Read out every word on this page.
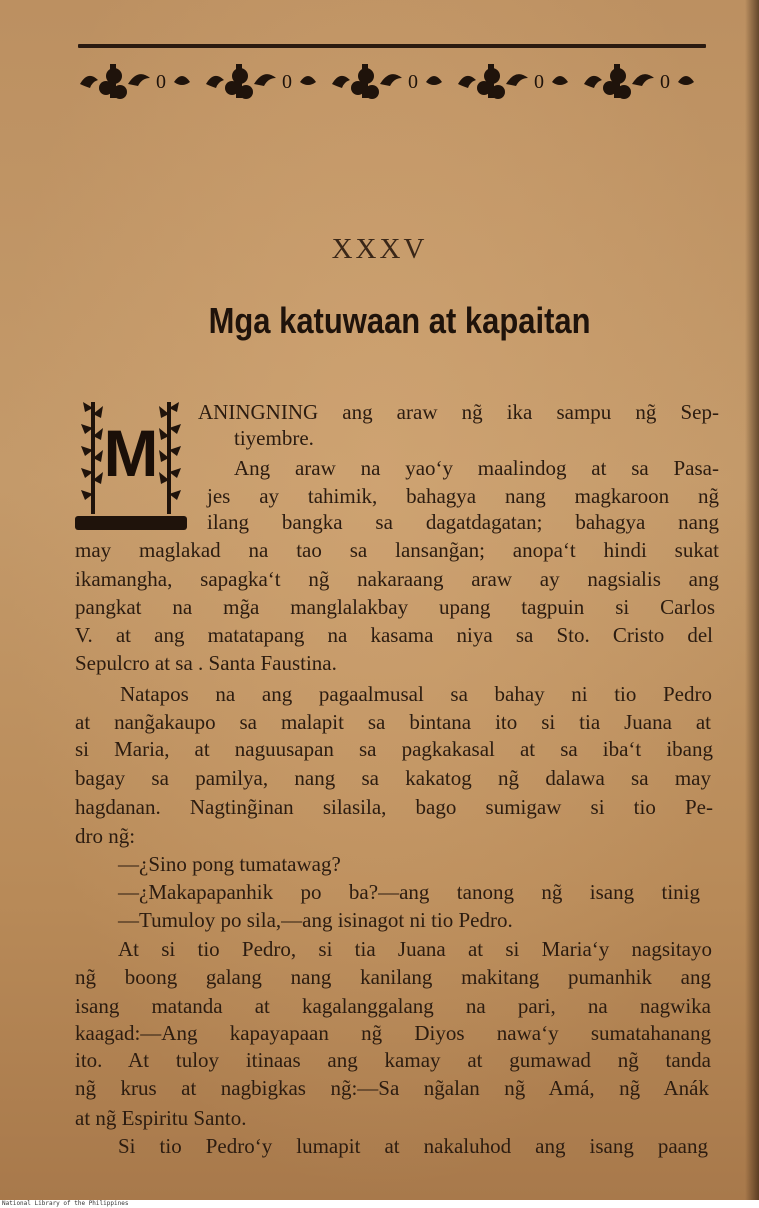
0
XXXV
Mga katuwaan at kapaitan
M
ANINGNING ang araw ng̃ ika sampu ng̃ Sep-
tiyembre.
Ang araw na yao‘y maalindog at sa Pasa-
jes ay tahimik, bahagya nang magkaroon ng̃
ilang bangka sa dagatdagatan; bahagya nang
may maglakad na tao sa lansang̃an; anopa‘t hindi sukat
ikamangha, sapagka‘t ng̃ nakaraang araw ay nagsialis ang
pangkat na mg̃a manglalakbay upang tagpuin si Carlos
V. at ang matatapang na kasama niya sa Sto. Cristo del
Sepulcro at sa . Santa Faustina.
Natapos na ang pagaalmusal sa bahay ni tio Pedro
at nang̃akaupo sa malapit sa bintana ito si tia Juana at
si Maria, at naguusapan sa pagkakasal at sa iba‘t ibang
bagay sa pamilya, nang sa kakatog ng̃ dalawa sa may
hagdanan. Nagting̃inan silasila, bago sumigaw si tio Pe-
dro ng̃:
—¿Sino pong tumatawag?
—¿Makapapanhik po ba?—ang tanong ng̃ isang tinig
—Tumuloy po sila,—ang isinagot ni tio Pedro.
At si tio Pedro, si tia Juana at si Maria‘y nagsitayo
ng̃ boong galang nang kanilang makitang pumanhik ang
isang matanda at kagalanggalang na pari, na nagwika
kaagad:—Ang kapayapaan ng̃ Diyos nawa‘y sumatahanang
ito. At tuloy itinaas ang kamay at gumawad ng̃ tanda
ng̃ krus at nagbigkas ng̃:—Sa ng̃alan ng̃ Amá, ng̃ Anák
at ng̃ Espiritu Santo.
Si tio Pedro‘y lumapit at nakaluhod ang isang paang
National Library of the Philippines
